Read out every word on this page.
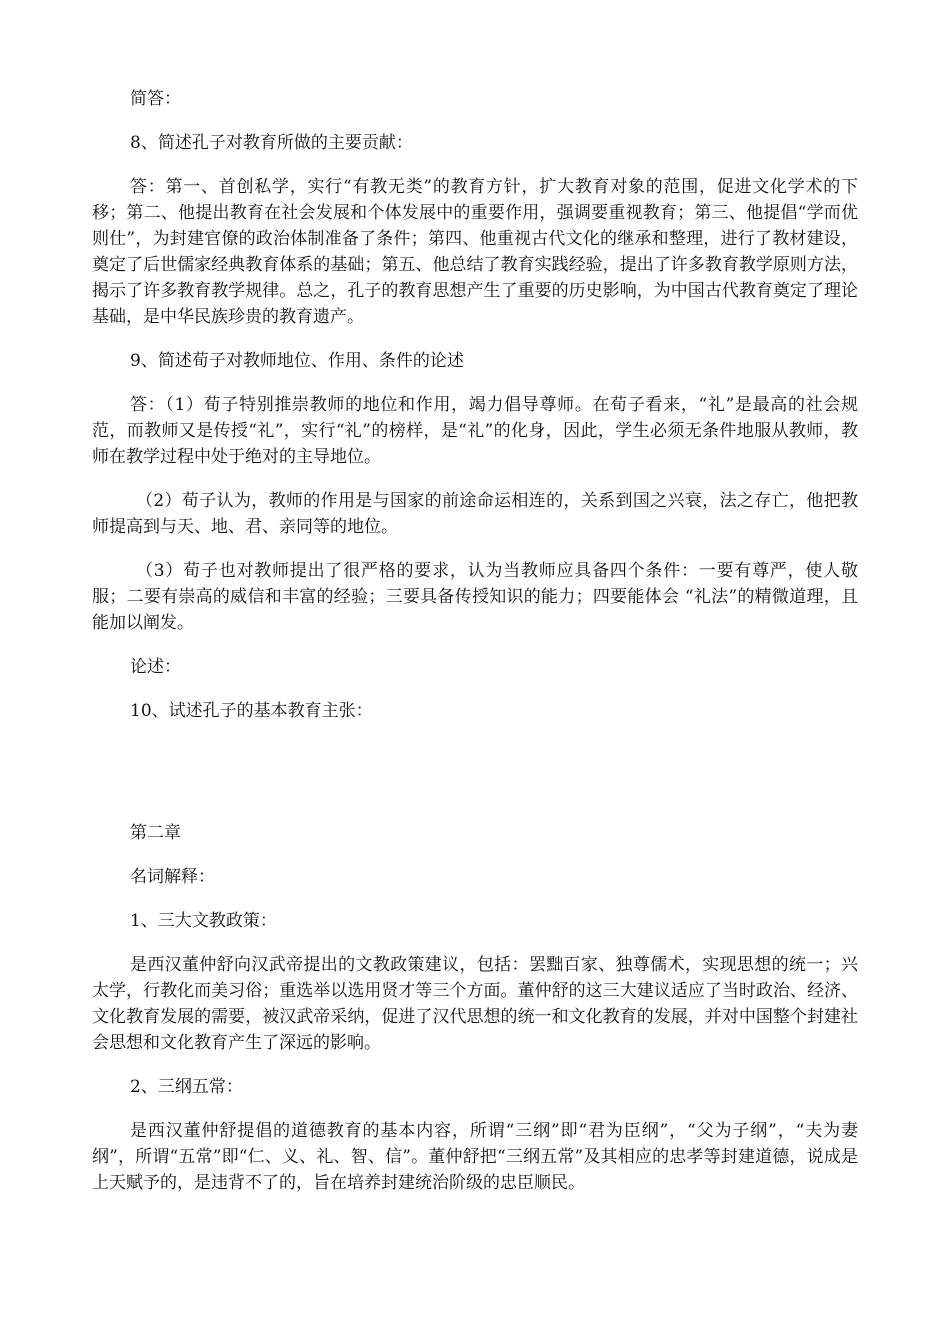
简答：

8、简述孔子对教育所做的主要贡献：

答：第一、首创私学，实行“有教无类”的教育方针，扩大教育对象的范围，促进文化学术的下移；第二、他提出教育在社会发展和个体发展中的重要作用，强调要重视教育；第三、他提倡“学而优则仕”，为封建官僚的政治体制准备了条件；第四、他重视古代文化的继承和整理，进行了教材建设，奠定了后世儒家经典教育体系的基础；第五、他总结了教育实践经验，提出了许多教育教学原则方法，揭示了许多教育教学规律。总之，孔子的教育思想产生了重要的历史影响，为中国古代教育奠定了理论基础，是中华民族珍贵的教育遗产。

9、简述荀子对教师地位、作用、条件的论述

答：（1）荀子特别推崇教师的地位和作用，竭力倡导尊师。在荀子看来，“礼”是最高的社会规范，而教师又是传授“礼”，实行“礼”的榜样，是“礼”的化身，因此，学生必须无条件地服从教师，教师在教学过程中处于绝对的主导地位。

（2）荀子认为，教师的作用是与国家的前途命运相连的，关系到国之兴衰，法之存亡，他把教师提高到与天、地、君、亲同等的地位。

（3）荀子也对教师提出了很严格的要求，认为当教师应具备四个条件：一要有尊严，使人敬服；二要有崇高的威信和丰富的经验；三要具备传授知识的能力；四要能体会 “礼法”的精微道理，且能加以阐发。

论述：

10、试述孔子的基本教育主张：

第二章

名词解释：

1、三大文教政策：

是西汉董仲舒向汉武帝提出的文教政策建议，包括：罢黜百家、独尊儒术，实现思想的统一；兴太学，行教化而美习俗；重选举以选用贤才等三个方面。董仲舒的这三大建议适应了当时政治、经济、文化教育发展的需要，被汉武帝采纳，促进了汉代思想的统一和文化教育的发展，并对中国整个封建社会思想和文化教育产生了深远的影响。

2、三纲五常：

是西汉董仲舒提倡的道德教育的基本内容，所谓“三纲”即“君为臣纲”，“父为子纲”，“夫为妻纲”，所谓“五常”即“仁、义、礼、智、信”。董仲舒把“三纲五常”及其相应的忠孝等封建道德，说成是上天赋予的，是违背不了的，旨在培养封建统治阶级的忠臣顺民。
